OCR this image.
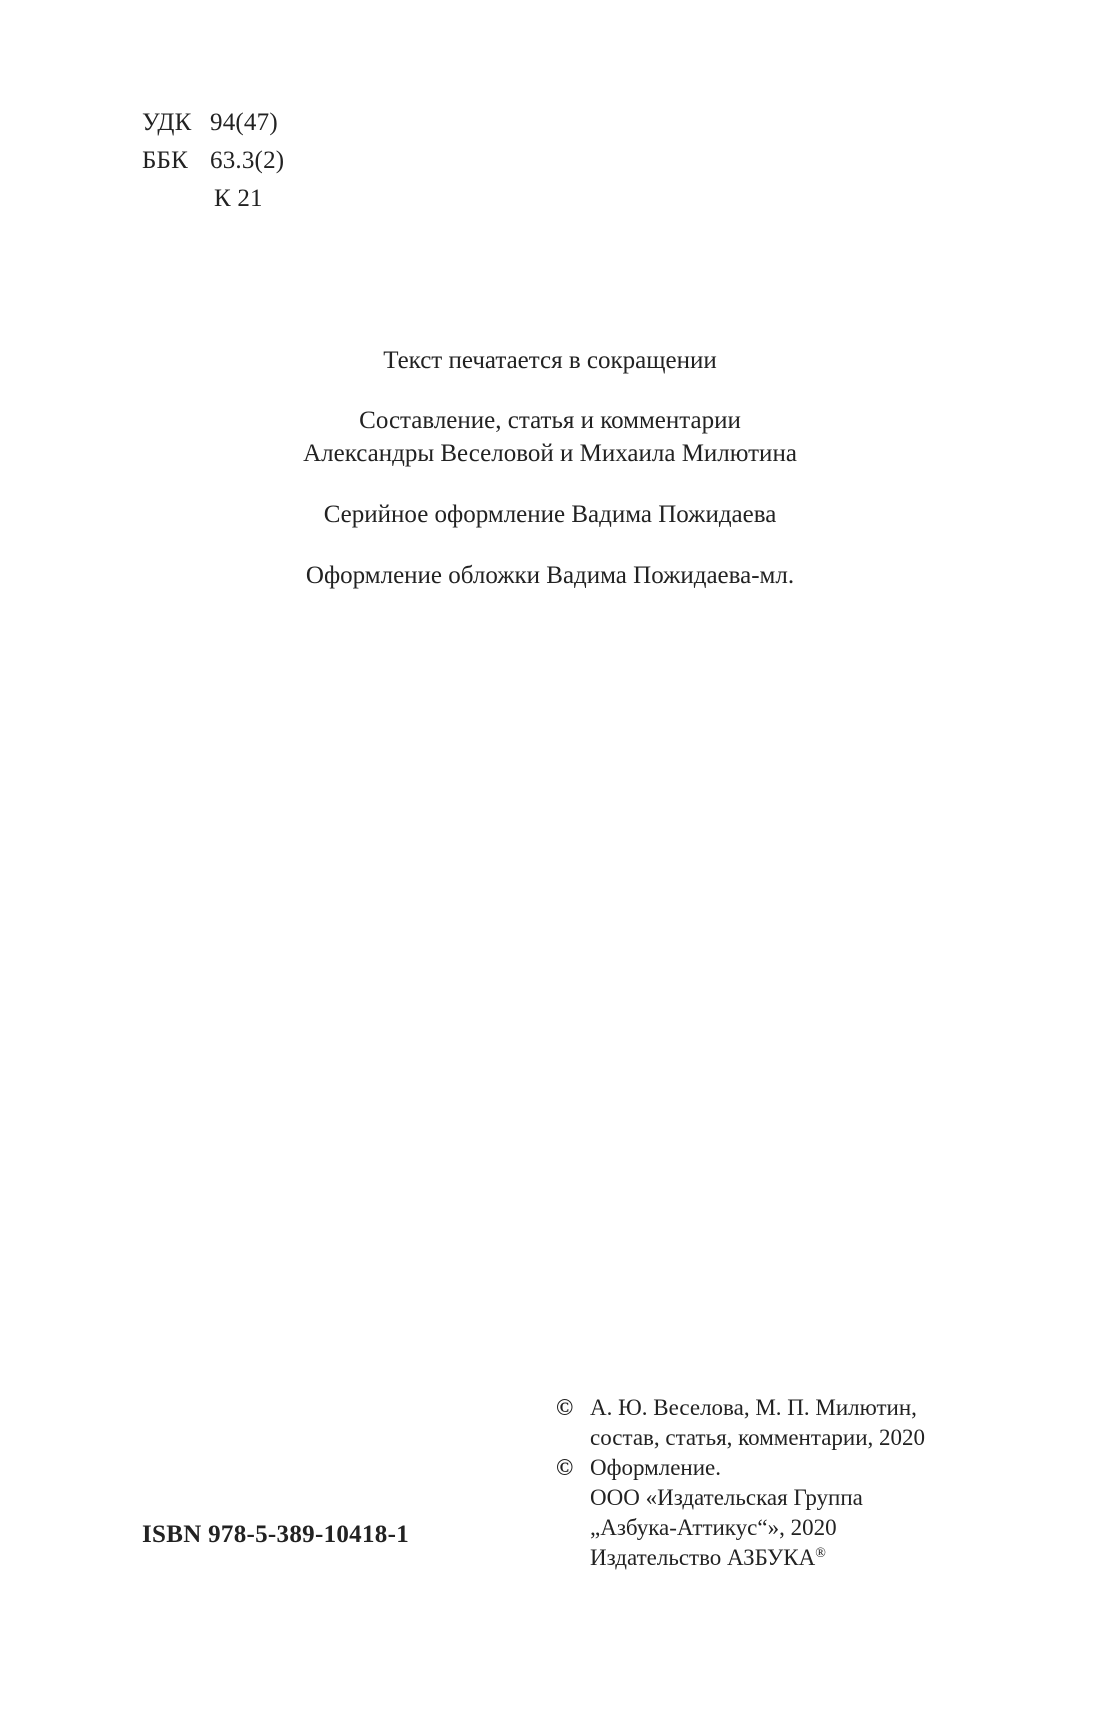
УДК 94(47)
ББК 63.3(2)
К 21
Текст печатается в сокращении
Составление, статья и комментарии
Александры Веселовой и Михаила Милютина
Серийное оформление Вадима Пожидаева
Оформление обложки Вадима Пожидаева-мл.
© А. Ю. Веселова, М. П. Милютин,
состав, статья, комментарии, 2020
© Оформление.
ООО «Издательская Группа
„Азбука-Аттикус“», 2020
Издательство АЗБУКА®
ISBN 978-5-389-10418-1
